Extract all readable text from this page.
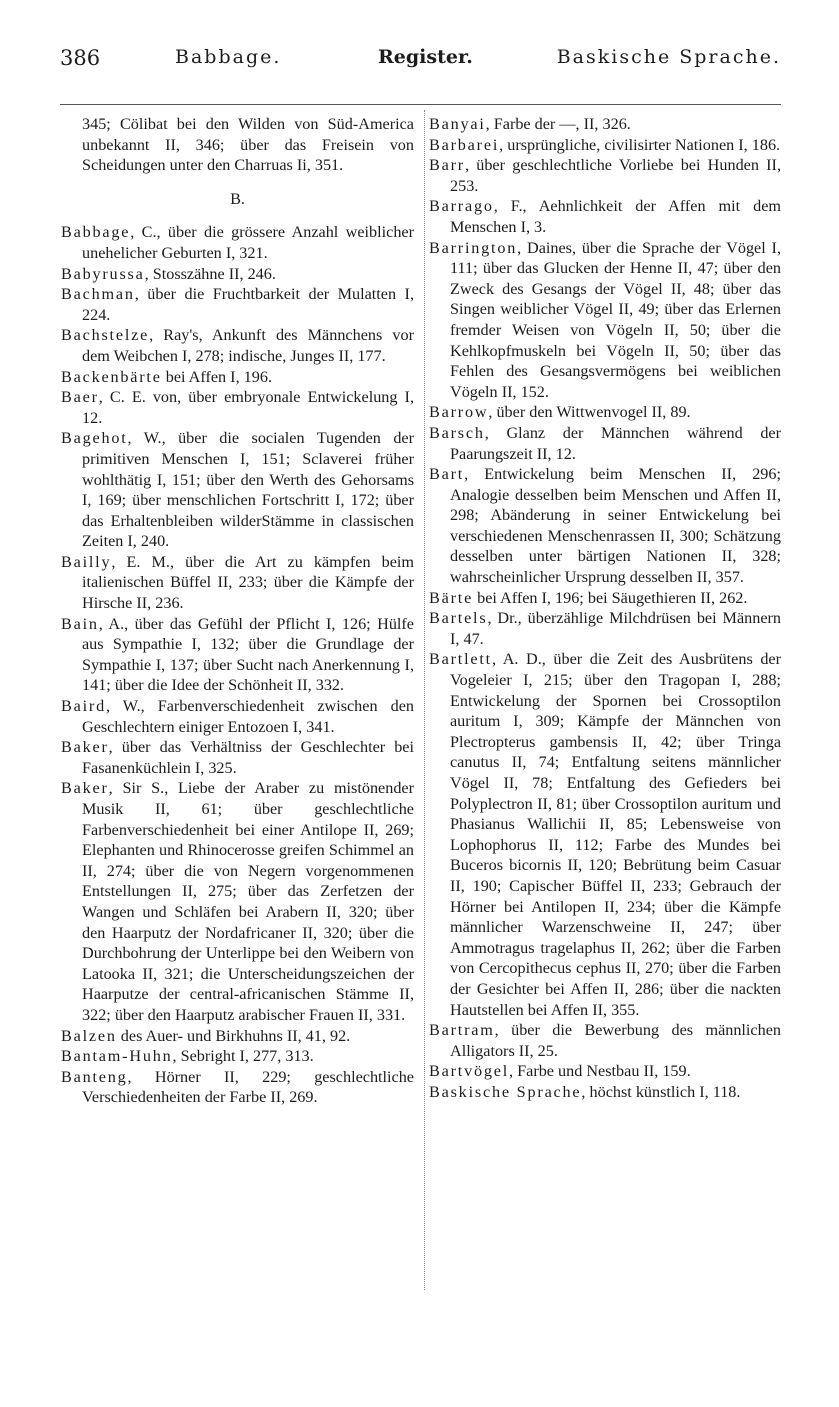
386	Babbage.	Register.	Baskische Sprache.

345; Cölibat bei den Wilden von Süd-America unbekannt II, 346; über das Freisein von Scheidungen unter den Charruas Ii, 351.

B.

Babbage, C., über die grössere Anzahl weiblicher unehelicher Geburten I, 321.

Babyrussa, Stosszähne II, 246.

Bachman, über die Fruchtbarkeit der Mulatten I, 224.

Bachstelze, Ray's, Ankunft des Männchens vor dem Weibchen I, 278; indische, Junges II, 177.

Backenbärte bei Affen I, 196.

Baer, C. E. von, über embryonale Entwickelung I, 12.

Bagehot, W., über die socialen Tugenden der primitiven Menschen I, 151; Sclaverei früher wohlthätig I, 151; über den Werth des Gehorsams I, 169; über menschlichen Fortschritt I, 172; über das Erhaltenbleiben wilderStämme in classischen Zeiten I, 240.

Bailly, E. M., über die Art zu kämpfen beim italienischen Büffel II, 233; über die Kämpfe der Hirsche II, 236.

Bain, A., über das Gefühl der Pflicht I, 126; Hülfe aus Sympathie I, 132; über die Grundlage der Sympathie I, 137; über Sucht nach Anerkennung I, 141; über die Idee der Schönheit II, 332.

Baird, W., Farbenverschiedenheit zwischen den Geschlechtern einiger Entozoen I, 341.

Baker, über das Verhältniss der Geschlechter bei Fasanenküchlein I, 325.

Baker, Sir S., Liebe der Araber zu mistönender Musik II, 61; über geschlechtliche Farbenverschiedenheit bei einer Antilope II, 269; Elephanten und Rhinocerosse greifen Schimmel an II, 274; über die von Negern vorgenommenen Entstellungen II, 275; über das Zerfetzen der Wangen und Schläfen bei Arabern II, 320; über den Haarputz der Nordafricaner II, 320; über die Durchbohrung der Unterlippe bei den Weibern von Latooka II, 321; die Unterscheidungszeichen der Haarputze der central-africanischen Stämme II, 322; über den Haarputz arabischer Frauen II, 331.

Balzen des Auer- und Birkhuhns II, 41, 92.

Bantam-Huhn, Sebright I, 277, 313.

Banteng, Hörner II, 229; geschlechtliche Verschiedenheiten der Farbe II, 269.

Banyai, Farbe der —, II, 326.

Barbarei, ursprüngliche, civilisirter Nationen I, 186.

Barr, über geschlechtliche Vorliebe bei Hunden II, 253.

Barrago, F., Aehnlichkeit der Affen mit dem Menschen I, 3.

Barrington, Daines, über die Sprache der Vögel I, 111; über das Glucken der Henne II, 47; über den Zweck des Gesangs der Vögel II, 48; über das Singen weiblicher Vögel II, 49; über das Erlernen fremder Weisen von Vögeln II, 50; über die Kehlkopfmuskeln bei Vögeln II, 50; über das Fehlen des Gesangsvermögens bei weiblichen Vögeln II, 152.

Barrow, über den Wittwenvogel II, 89.

Barsch, Glanz der Männchen während der Paarungszeit II, 12.

Bart, Entwickelung beim Menschen II, 296; Analogie desselben beim Menschen und Affen II, 298; Abänderung in seiner Entwickelung bei verschiedenen Menschenrassen II, 300; Schätzung desselben unter bärtigen Nationen II, 328; wahrscheinlicher Ursprung desselben II, 357.

Bärte bei Affen I, 196; bei Säugethieren II, 262.

Bartels, Dr., überzählige Milchdrüsen bei Männern I, 47.

Bartlett, A. D., über die Zeit des Ausbrütens der Vogeleier I, 215; über den Tragopan I, 288; Entwickelung der Spornen bei Crossoptilon auritum I, 309; Kämpfe der Männchen von Plectropterus gambensis II, 42; über Tringa canutus II, 74; Entfaltung seitens männlicher Vögel II, 78; Entfaltung des Gefieders bei Polyplectron II, 81; über Crossoptilon auritum und Phasianus Wallichii II, 85; Lebensweise von Lophophorus II, 112; Farbe des Mundes bei Buceros bicornis II, 120; Bebrütung beim Casuar II, 190; Capischer Büffel II, 233; Gebrauch der Hörner bei Antilopen II, 234; über die Kämpfe männlicher Warzenschweine II, 247; über Ammotragus tragelaphus II, 262; über die Farben von Cercopithecus cephus II, 270; über die Farben der Gesichter bei Affen II, 286; über die nackten Hautstellen bei Affen II, 355.

Bartram, über die Bewerbung des männlichen Alligators II, 25.

Bartvögel, Farbe und Nestbau II, 159.

Baskische Sprache, höchst künstlich I, 118.
